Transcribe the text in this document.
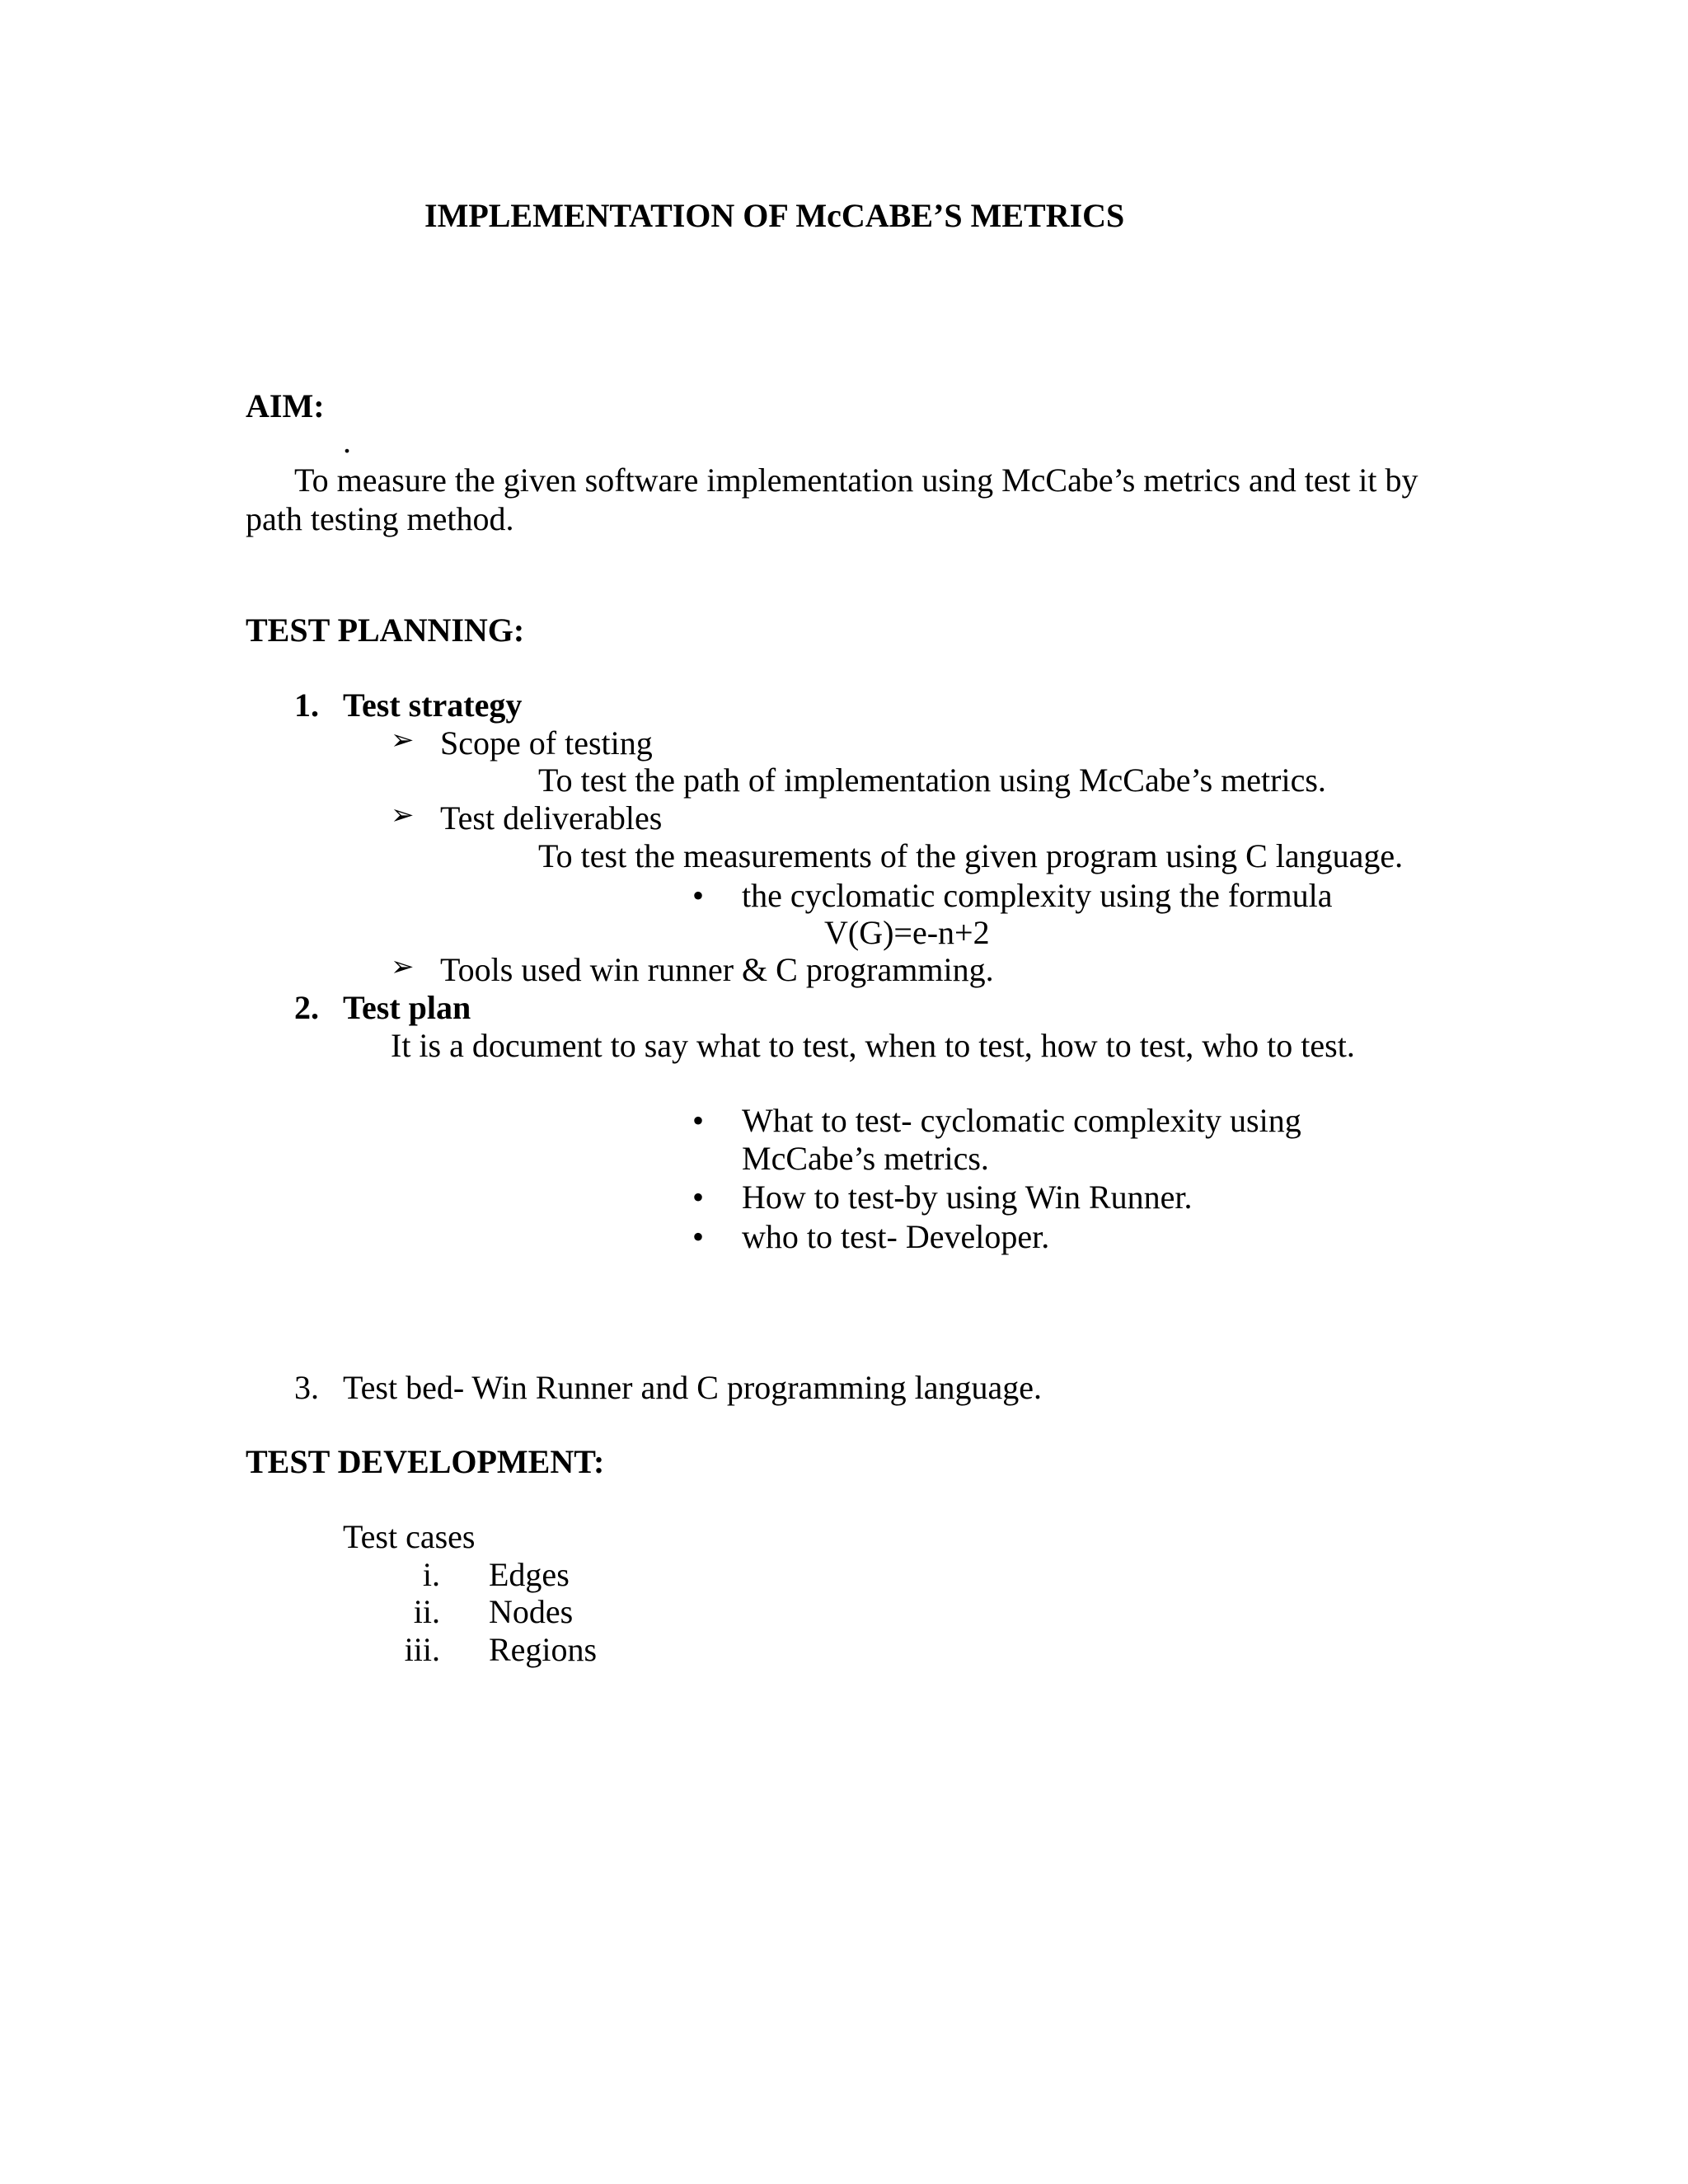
IMPLEMENTATION OF McCABE’S METRICS
AIM:
.
To measure the given software implementation using McCabe’s metrics and test it by
path testing method.
TEST PLANNING:
1. Test strategy
➢ Scope of testing
To test the path of implementation using McCabe’s metrics.
➢ Test deliverables
To test the measurements of the given program using C language.
• the cyclomatic complexity using the formula
V(G)=e-n+2
➢ Tools used win runner & C programming.
2. Test plan
It is a document to say what to test, when to test, how to test, who to test.
• What to test- cyclomatic complexity using
McCabe’s metrics.
• How to test-by using Win Runner.
• who to test- Developer.
3. Test bed- Win Runner and C programming language.
TEST DEVELOPMENT:
Test cases
i. Edges
ii. Nodes
iii. Regions
